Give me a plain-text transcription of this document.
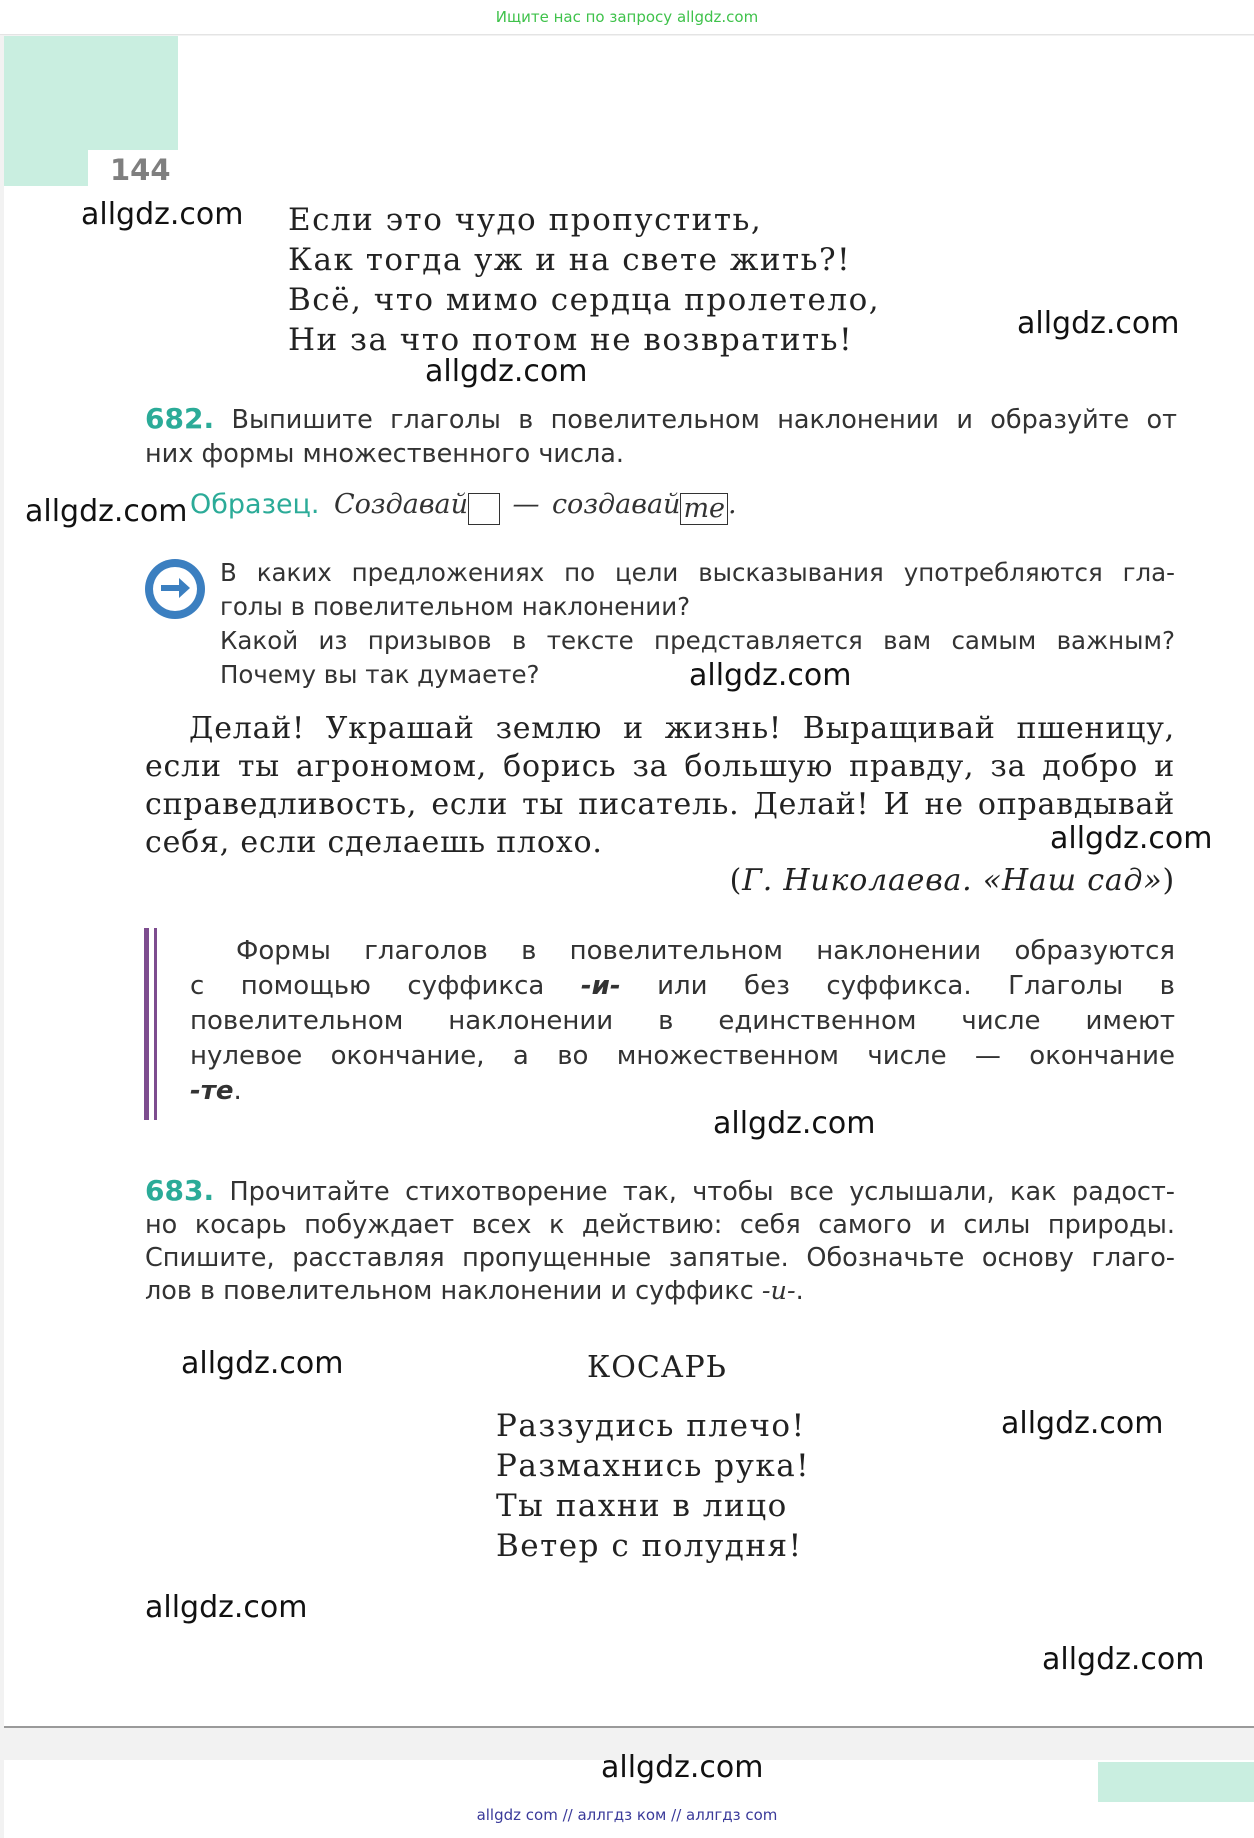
Ищите нас по запросу allgdz.com
144
Если это чудо пропустить,
Как тогда уж и на свете жить?!
Всё, что мимо сердца пролетело,
Ни за что потом не возвратить!
682. Выпишите глаголы в повелительном наклонении и образуйте от
них формы множественного числа.
Образец. Создавай — создавай те .
В каких предложениях по цели высказывания употребляются гла-
голы в повелительном наклонении?
Какой из призывов в тексте представляется вам самым важным?
Почему вы так думаете?
Делай! Украшай землю и жизнь! Выращивай пшеницу,
если ты агрономом, борись за большую правду, за добро и
справедливость, если ты писатель. Делай! И не оправдывай
себя, если сделаешь плохо.
(Г. Николаева. «Наш сад»)
Формы глаголов в повелительном наклонении образуются
с помощью суффикса -и- или без суффикса. Глаголы в
повелительном наклонении в единственном числе имеют
нулевое окончание, а во множественном числе — окончание
-те.
683. Прочитайте стихотворение так, чтобы все услышали, как радост-
но косарь побуждает всех к действию: себя самого и силы природы.
Спишите, расставляя пропущенные запятые. Обозначьте основу глаго-
лов в повелительном наклонении и суффикс -и-.
КОСАРЬ
Раззудись плечо!
Размахнись рука!
Ты пахни в лицо
Ветер с полудня!
allgdz.com
allgdz.com
allgdz.com
allgdz.com
allgdz.com
allgdz.com
allgdz.com
allgdz.com
allgdz.com
allgdz.com
allgdz.com
allgdz.com
allgdz com // аллгдз ком // аллгдз com
